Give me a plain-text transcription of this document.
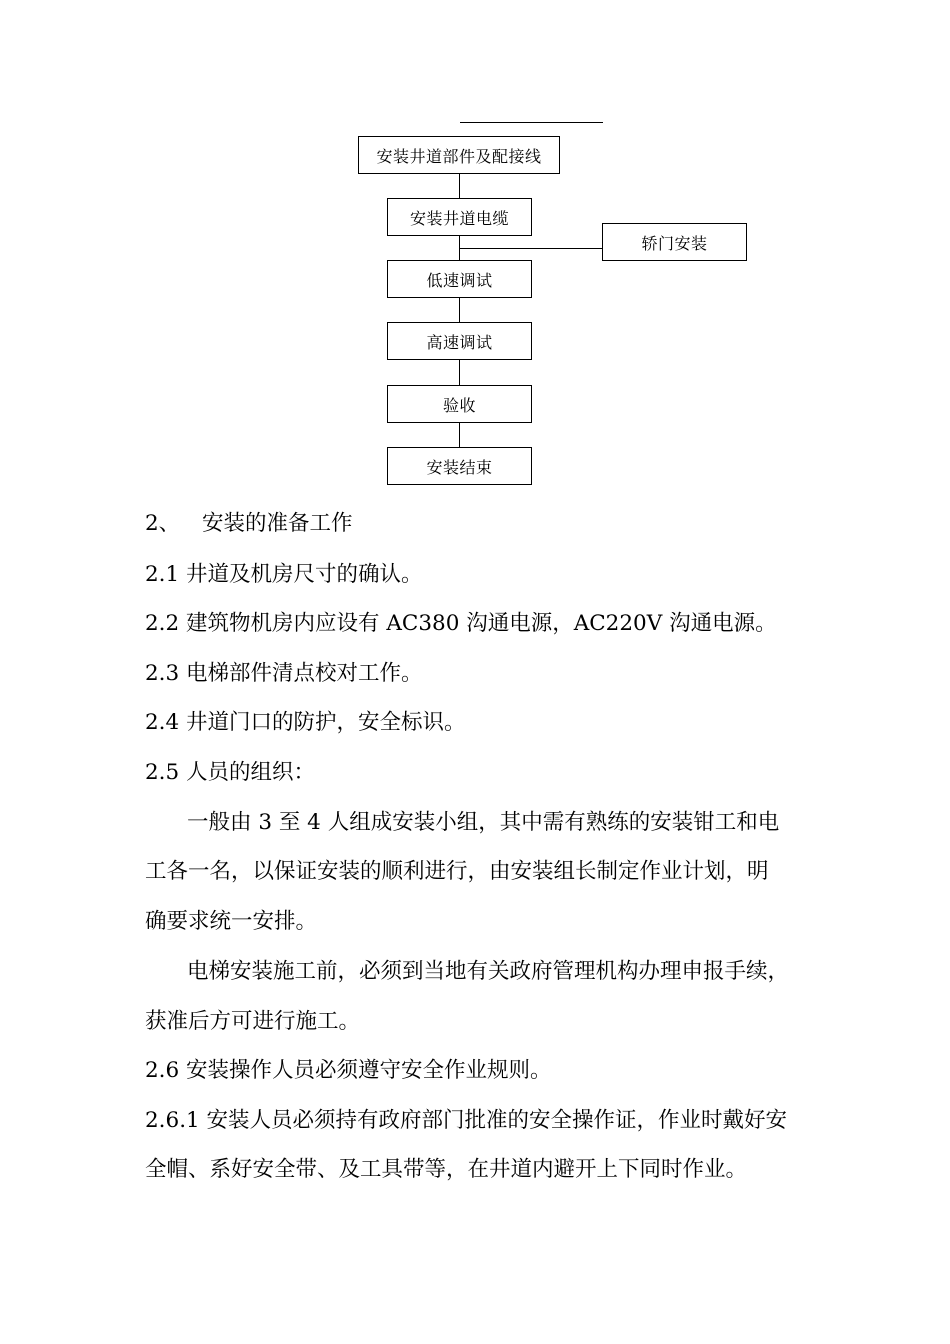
安装井道部件及配接线
安装井道电缆
轿门安装
低速调试
高速调试
验收
安装结束
2、 安装的准备工作
2.1 井道及机房尺寸的确认。
2.2 建筑物机房内应设有 AC380 沟通电源，AC220V 沟通电源。
2.3 电梯部件清点校对工作。
2.4 井道门口的防护，安全标识。
2.5 人员的组织：
一般由 3 至 4 人组成安装小组，其中需有熟练的安装钳工和电
工各一名，以保证安装的顺利进行，由安装组长制定作业计划，明
确要求统一安排。
电梯安装施工前，必须到当地有关政府管理机构办理申报手续，
获准后方可进行施工。
2.6 安装操作人员必须遵守安全作业规则。
2.6.1 安装人员必须持有政府部门批准的安全操作证，作业时戴好安
全帽、系好安全带、及工具带等，在井道内避开上下同时作业。
